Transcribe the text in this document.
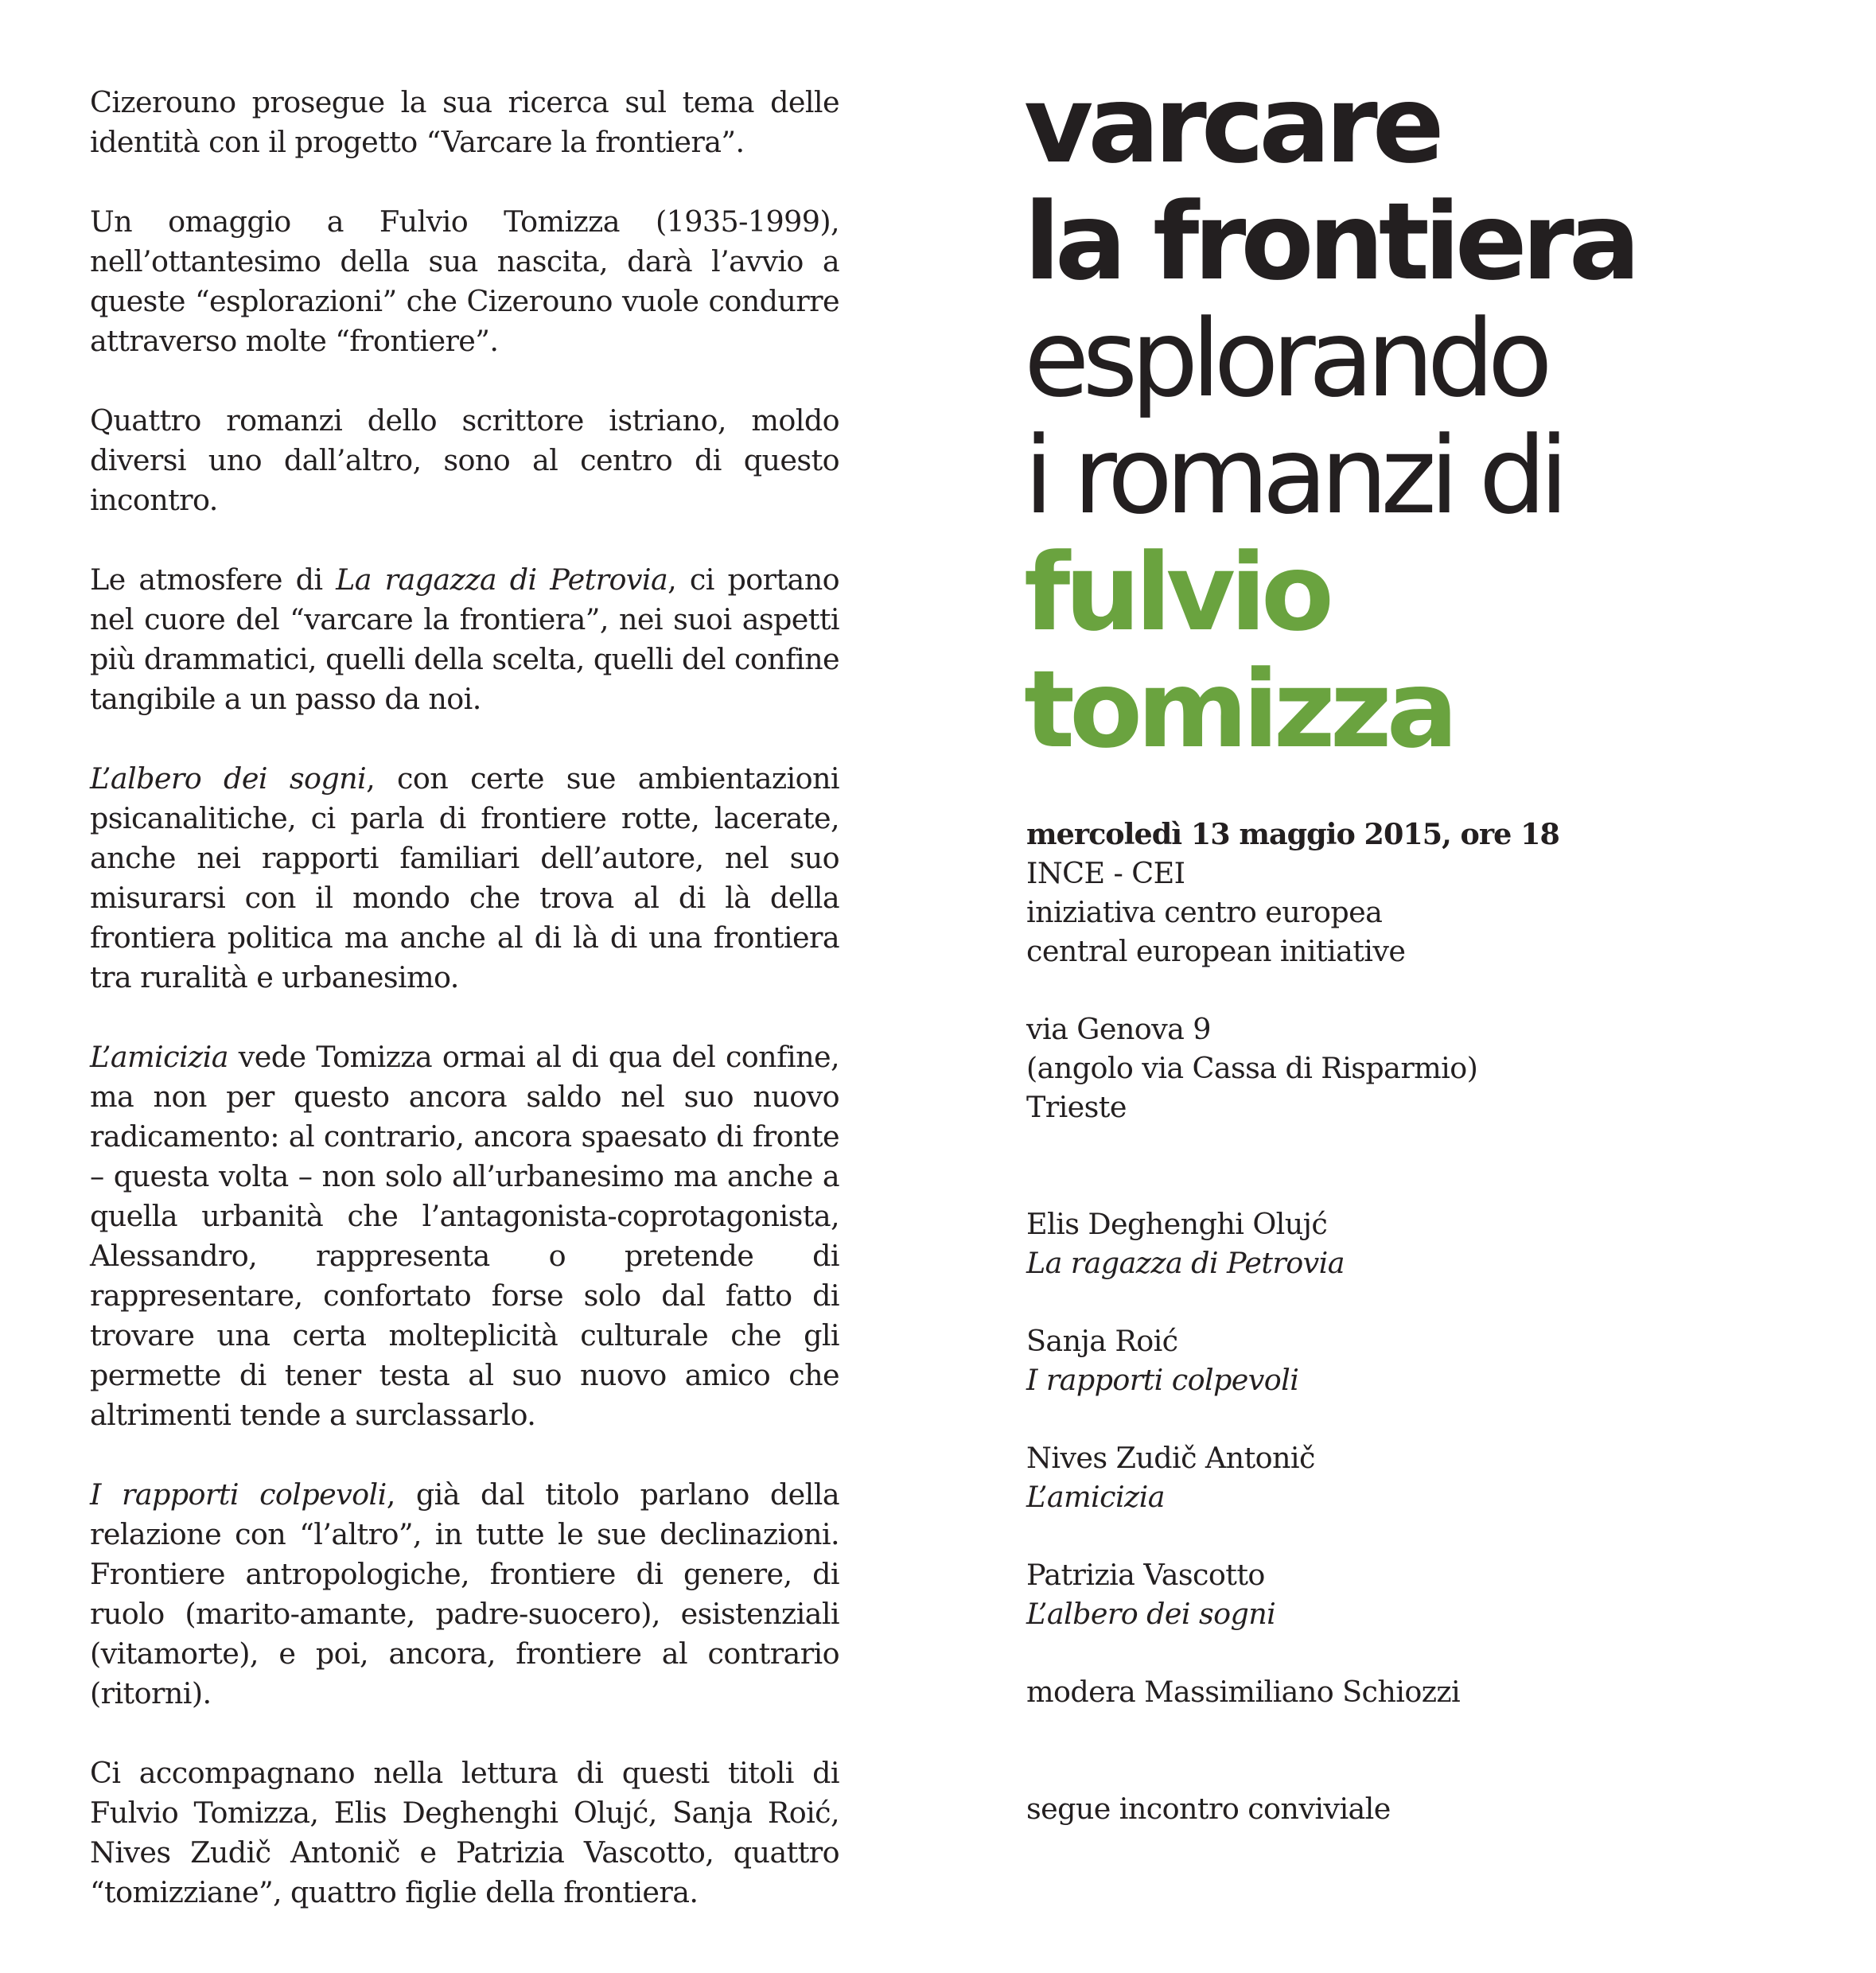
Cizerouno prosegue la sua ricerca sul tema delle identità con il progetto “Varcare la frontiera”.

Un omaggio a Fulvio Tomizza (1935-1999), nell’ottantesimo della sua nascita, darà l’avvio a queste “esplorazioni” che Cizerouno vuole condurre attraverso molte “frontiere”.

Quattro romanzi dello scrittore istriano, moldo diversi uno dall’altro, sono al centro di questo incontro.

Le atmosfere di La ragazza di Petrovia, ci portano nel cuore del “varcare la frontiera”, nei suoi aspetti più drammatici, quelli della scelta, quelli del confine tangibile a un passo da noi.

L’albero dei sogni, con certe sue ambientazioni psicanalitiche, ci parla di frontiere rotte, lacerate, anche nei rapporti familiari dell’autore, nel suo misurarsi con il mondo che trova al di là della frontiera politica ma anche al di là di una frontiera tra ruralità e urbanesimo.

L’amicizia vede Tomizza ormai al di qua del confine, ma non per questo ancora saldo nel suo nuovo radicamento: al contrario, ancora spaesato di fronte – questa volta – non solo all’urbanesimo ma anche a quella urbanità che l’antagonista-coprotagonista, Alessandro, rappresenta o pretende di rappresentare, confortato forse solo dal fatto di trovare una certa molteplicità culturale che gli permette di tener testa al suo nuovo amico che altrimenti tende a surclassarlo.

I rapporti colpevoli, già dal titolo parlano della relazione con “l’altro”, in tutte le sue declinazioni. Frontiere antropologiche, frontiere di genere, di ruolo (marito-amante, padre-suocero), esistenziali (vitamorte), e poi, ancora, frontiere al contrario (ritorni).

Ci accompagnano nella lettura di questi titoli di Fulvio Tomizza, Elis Deghenghi Olujć, Sanja Roić, Nives Zudič Antonič e Patrizia Vascotto, quattro “tomizziane”, quattro figlie della frontiera.

varcare
la frontiera
esplorando
i romanzi di
fulvio
tomizza
mercoledì 13 maggio 2015, ore 18
INCE - CEI
iniziativa centro europea
central european initiative
via Genova 9
(angolo via Cassa di Risparmio)
Trieste
Elis Deghenghi Olujć
La ragazza di Petrovia
Sanja Roić
I rapporti colpevoli
Nives Zudič Antonič
L’amicizia
Patrizia Vascotto
L’albero dei sogni
modera Massimiliano Schiozzi
segue incontro conviviale
